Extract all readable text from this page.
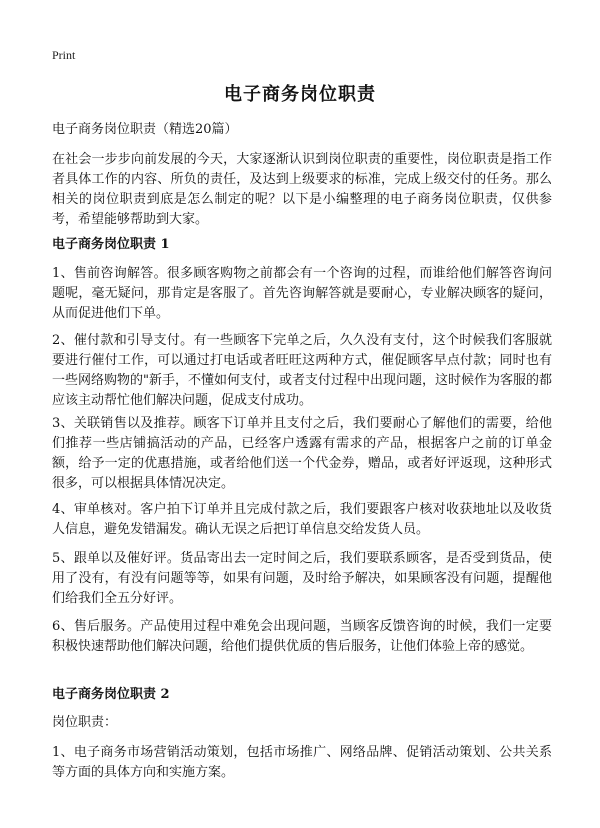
Print
电子商务岗位职责

电子商务岗位职责（精选20篇）

在社会一步步向前发展的今天，大家逐渐认识到岗位职责的重要性，岗位职责是指工作者具体工作的内容、所负的责任，及达到上级要求的标准，完成上级交付的任务。那么相关的岗位职责到底是怎么制定的呢？以下是小编整理的电子商务岗位职责，仅供参考，希望能够帮助到大家。

电子商务岗位职责 1

1、售前咨询解答。很多顾客购物之前都会有一个咨询的过程，而谁给他们解答咨询问题呢，毫无疑问，那肯定是客服了。首先咨询解答就是要耐心，专业解决顾客的疑问，从而促进他们下单。

2、催付款和引导支付。有一些顾客下完单之后，久久没有支付，这个时候我们客服就要进行催付工作，可以通过打电话或者旺旺这两种方式，催促顾客早点付款；同时也有一些网络购物的"新手，不懂如何支付，或者支付过程中出现问题，这时候作为客服的都应该主动帮忙他们解决问题，促成支付成功。

3、关联销售以及推荐。顾客下订单并且支付之后，我们要耐心了解他们的需要，给他们推荐一些店铺搞活动的产品，已经客户透露有需求的产品，根据客户之前的订单金额，给予一定的优惠措施，或者给他们送一个代金券，赠品，或者好评返现，这种形式很多，可以根据具体情况决定。

4、审单核对。客户拍下订单并且完成付款之后，我们要跟客户核对收获地址以及收货人信息，避免发错漏发。确认无误之后把订单信息交给发货人员。

5、跟单以及催好评。货品寄出去一定时间之后，我们要联系顾客，是否受到货品，使用了没有，有没有问题等等，如果有问题，及时给予解决，如果顾客没有问题，提醒他们给我们全五分好评。

6、售后服务。产品使用过程中难免会出现问题，当顾客反馈咨询的时候，我们一定要积极快速帮助他们解决问题，给他们提供优质的售后服务，让他们体验上帝的感觉。

电子商务岗位职责 2

岗位职责：

1、电子商务市场营销活动策划，包括市场推广、网络品牌、促销活动策划、公共关系等方面的具体方向和实施方案。
